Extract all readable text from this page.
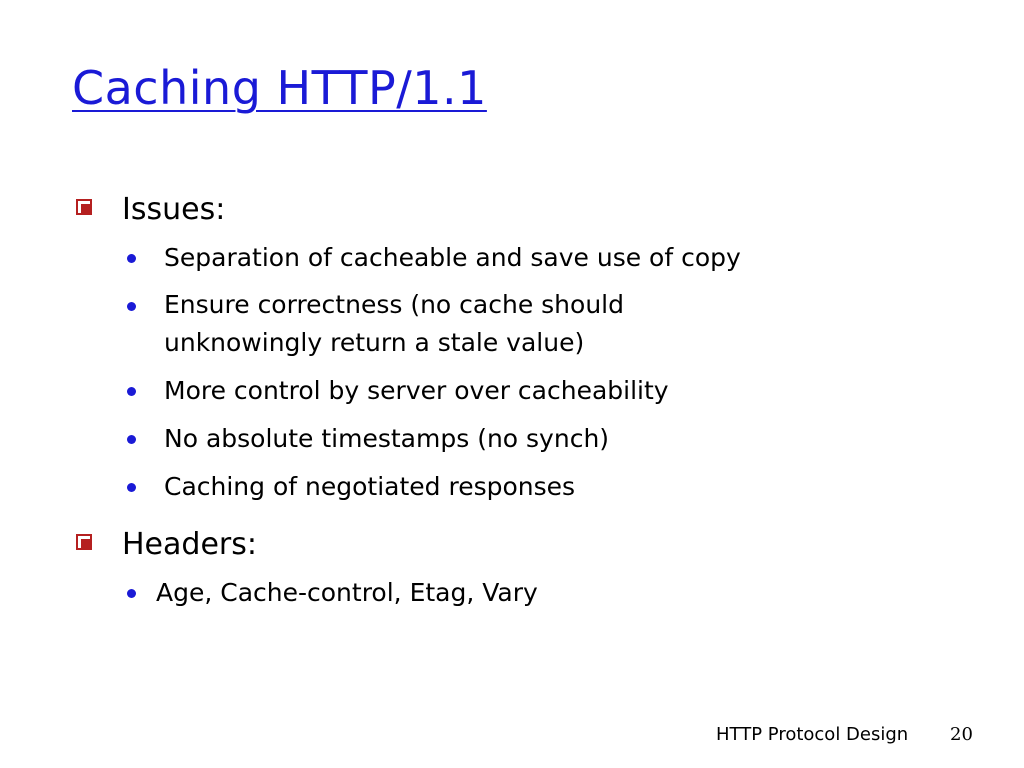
Caching HTTP/1.1
Issues:
Separation of cacheable and save use of copy
Ensure correctness (no cache should unknowingly return a stale value)
More control by server over cacheability
No absolute timestamps (no synch)
Caching of negotiated responses
Headers:
Age, Cache-control, Etag, Vary
HTTP Protocol Design 20
